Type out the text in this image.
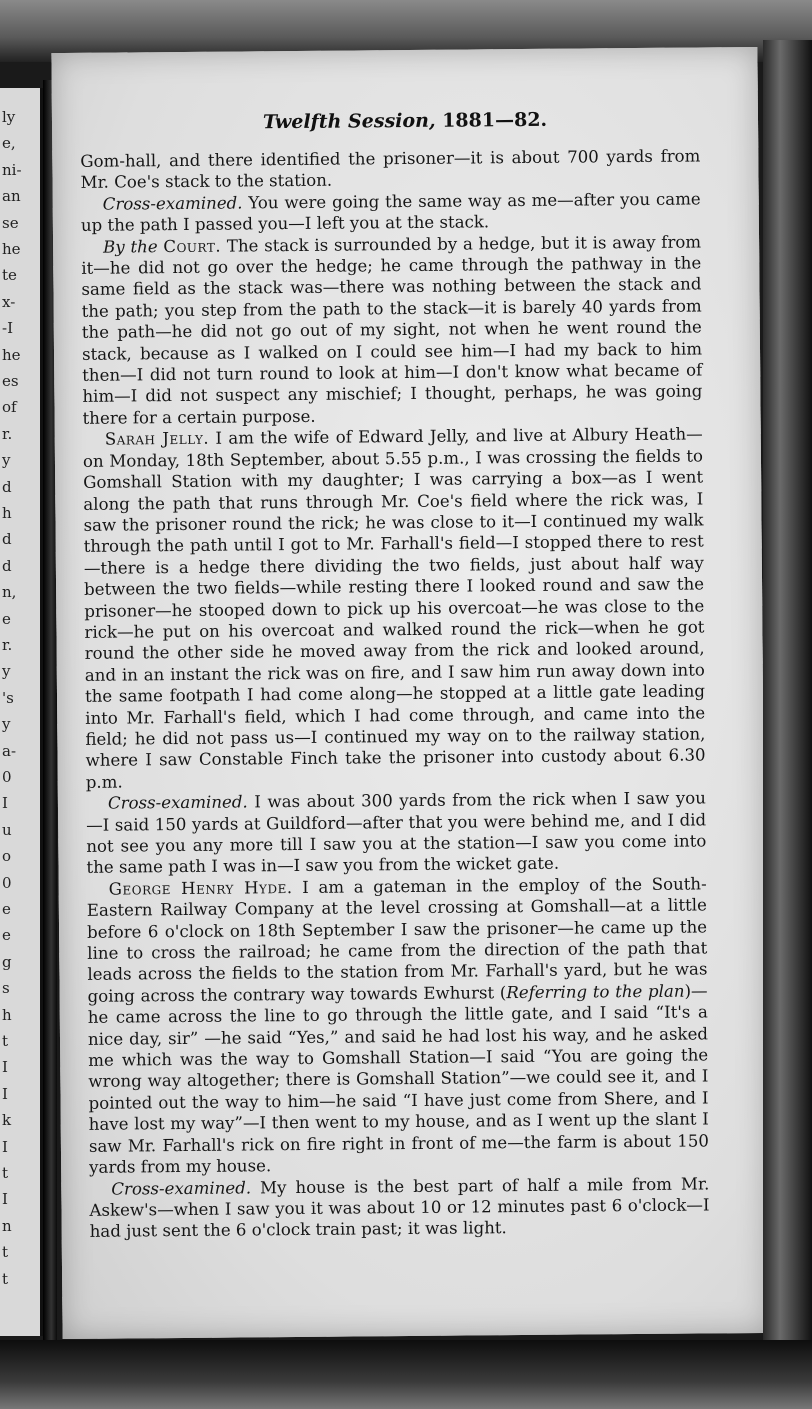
ly
e,
ni-
an
se
he
te
x-
-I
he
es
of
r.
y
d
h
d
d
n,
e
r.
y
's
y
a-
0
I
u
o
0
e
e
g
s
h
t
I
I
k
I
t
I
n
t
t
Twelfth Session, 1881—82.

Gom-hall, and there identified the prisoner—it is about 700 yards from Mr. Coe's stack to the station.

Cross-examined. You were going the same way as me—after you came up the path I passed you—I left you at the stack.

By the Court. The stack is surrounded by a hedge, but it is away from it—he did not go over the hedge; he came through the pathway in the same field as the stack was—there was nothing between the stack and the path; you step from the path to the stack—it is barely 40 yards from the path—he did not go out of my sight, not when he went round the stack, because as I walked on I could see him—I had my back to him then—I did not turn round to look at him—I don't know what became of him—I did not suspect any mischief; I thought, perhaps, he was going there for a certain purpose.

Sarah Jelly. I am the wife of Edward Jelly, and live at Albury Heath—on Monday, 18th September, about 5.55 p.m., I was crossing the fields to Gomshall Station with my daughter; I was carrying a box—as I went along the path that runs through Mr. Coe's field where the rick was, I saw the prisoner round the rick; he was close to it—I continued my walk through the path until I got to Mr. Farhall's field—I stopped there to rest—there is a hedge there dividing the two fields, just about half way between the two fields—while resting there I looked round and saw the prisoner—he stooped down to pick up his overcoat—he was close to the rick—he put on his overcoat and walked round the rick—when he got round the other side he moved away from the rick and looked around, and in an instant the rick was on fire, and I saw him run away down into the same footpath I had come along—he stopped at a little gate leading into Mr. Farhall's field, which I had come through, and came into the field; he did not pass us—I continued my way on to the railway station, where I saw Constable Finch take the prisoner into custody about 6.30 p.m.

Cross-examined. I was about 300 yards from the rick when I saw you—I said 150 yards at Guildford—after that you were behind me, and I did not see you any more till I saw you at the station—I saw you come into the same path I was in—I saw you from the wicket gate.

George Henry Hyde. I am a gateman in the employ of the South-Eastern Railway Company at the level crossing at Gomshall—at a little before 6 o'clock on 18th September I saw the prisoner—he came up the line to cross the railroad; he came from the direction of the path that leads across the fields to the station from Mr. Farhall's yard, but he was going across the contrary way towards Ewhurst (Referring to the plan)—he came across the line to go through the little gate, and I said “It's a nice day, sir” —he said “Yes,” and said he had lost his way, and he asked me which was the way to Gomshall Station—I said “You are going the wrong way altogether; there is Gomshall Station”—we could see it, and I pointed out the way to him—he said “I have just come from Shere, and I have lost my way”—I then went to my house, and as I went up the slant I saw Mr. Farhall's rick on fire right in front of me—the farm is about 150 yards from my house.

Cross-examined. My house is the best part of half a mile from Mr. Askew's—when I saw you it was about 10 or 12 minutes past 6 o'clock—I had just sent the 6 o'clock train past; it was light.
